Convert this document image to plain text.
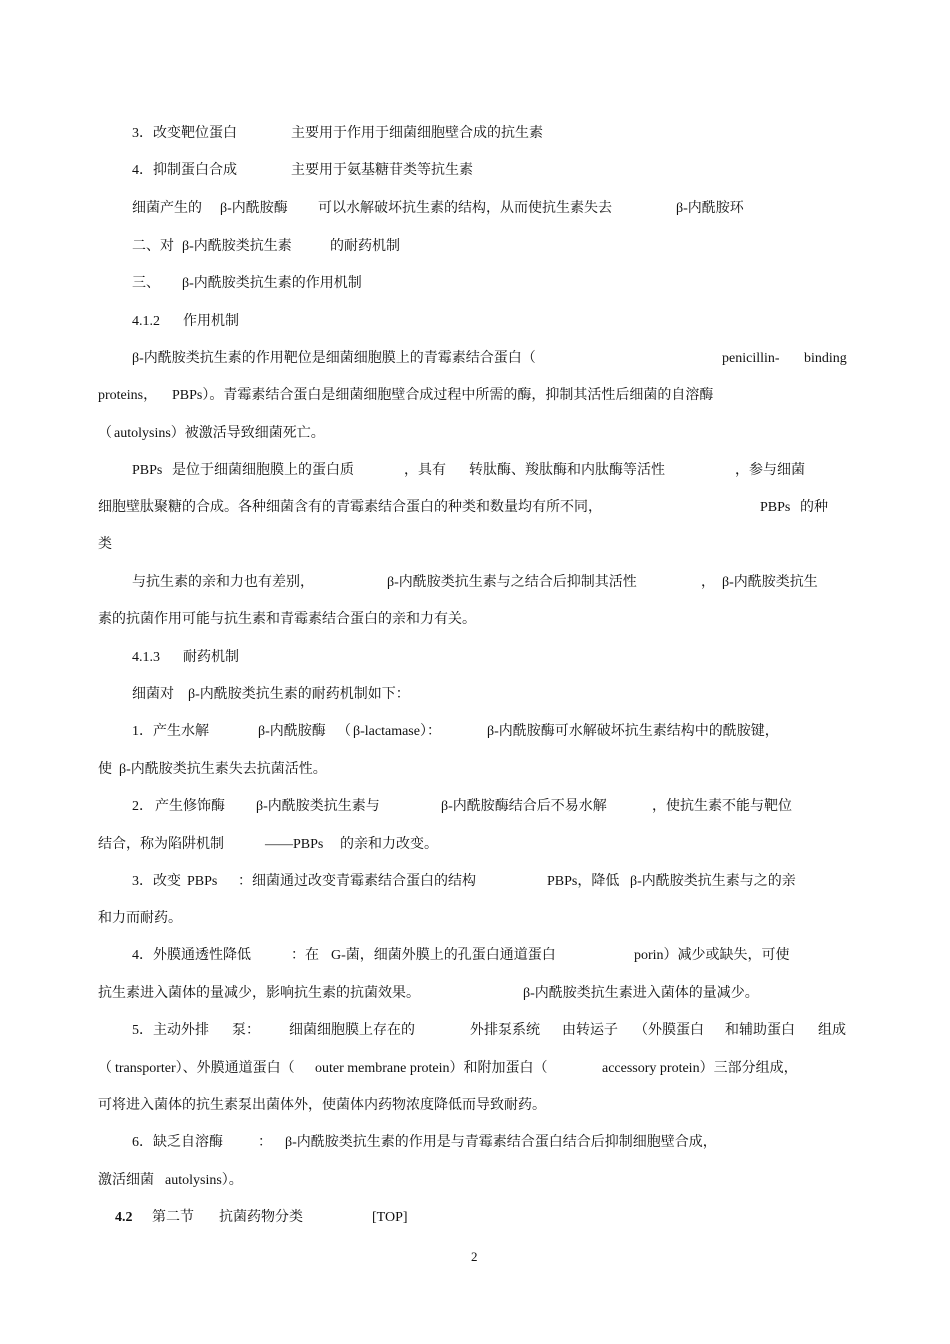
3．改变靶位蛋白	主要用于作用于细菌细胞壁合成的抗生素
4．抑制蛋白合成	主要用于氨基糖苷类等抗生素
细菌产生的 β-内酰胺酶 可以水解破坏抗生素的结构，从而使抗生素失去	β-内酰胺环
二、对 β-内酰胺类抗生素	的耐药机制
三、 β-内酰胺类抗生素的作用机制
4.1.2 作用机制
β-内酰胺类抗生素的作用靶位是细菌细胞膜上的青霉素结合蛋白（	penicillin- binding
proteins， PBPs）。青霉素结合蛋白是细菌细胞壁合成过程中所需的酶，抑制其活性后细菌的自溶酶
（ autolysins）被激活导致细菌死亡。
PBPs 是位于细菌细胞膜上的蛋白质	，具有 转肽酶、羧肽酶和内肽酶等活性	，参与细菌
细胞壁肽聚糖的合成。各种细菌含有的青霉素结合蛋白的种类和数量均有所不同，	PBPs 的种
类
与抗生素的亲和力也有差别，	β-内酰胺类抗生素与之结合后抑制其活性	， β-内酰胺类抗生
素的抗菌作用可能与抗生素和青霉素结合蛋白的亲和力有关。
4.1.3 耐药机制
细菌对 β-内酰胺类抗生素的耐药机制如下：
1．产生水解	β-内酰胺酶 （ β-lactamase）：	β-内酰胺酶可水解破坏抗生素结构中的酰胺键，
使 β-内酰胺类抗生素失去抗菌活性。
2． 产生修饰酶 β-内酰胺类抗生素与	β-内酰胺酶结合后不易水解	，使抗生素不能与靶位
结合，称为陷阱机制	——PBPs 的亲和力改变。
3．改变 PBPs ：细菌通过改变青霉素结合蛋白的结构	PBPs，降低 β-内酰胺类抗生素与之的亲
和力而耐药。
4．外膜通透性降低	：在 G-菌，细菌外膜上的孔蛋白通道蛋白	porin）减少或缺失，可使
抗生素进入菌体的量减少，影响抗生素的抗菌效果。	β-内酰胺类抗生素进入菌体的量减少。
5．主动外排 泵： 细菌细胞膜上存在的	外排泵系统 由转运子 （外膜蛋白 和辅助蛋白 组成
（ transporter）、外膜通道蛋白（ outer membrane protein）和附加蛋白（	accessory protein）三部分组成，
可将进入菌体的抗生素泵出菌体外，使菌体内药物浓度降低而导致耐药。
6．缺乏自溶酶	： β-内酰胺类抗生素的作用是与青霉素结合蛋白结合后抑制细胞壁合成，
激活细菌 autolysins）。
4.2 第二节 抗菌药物分类	[TOP]
2
